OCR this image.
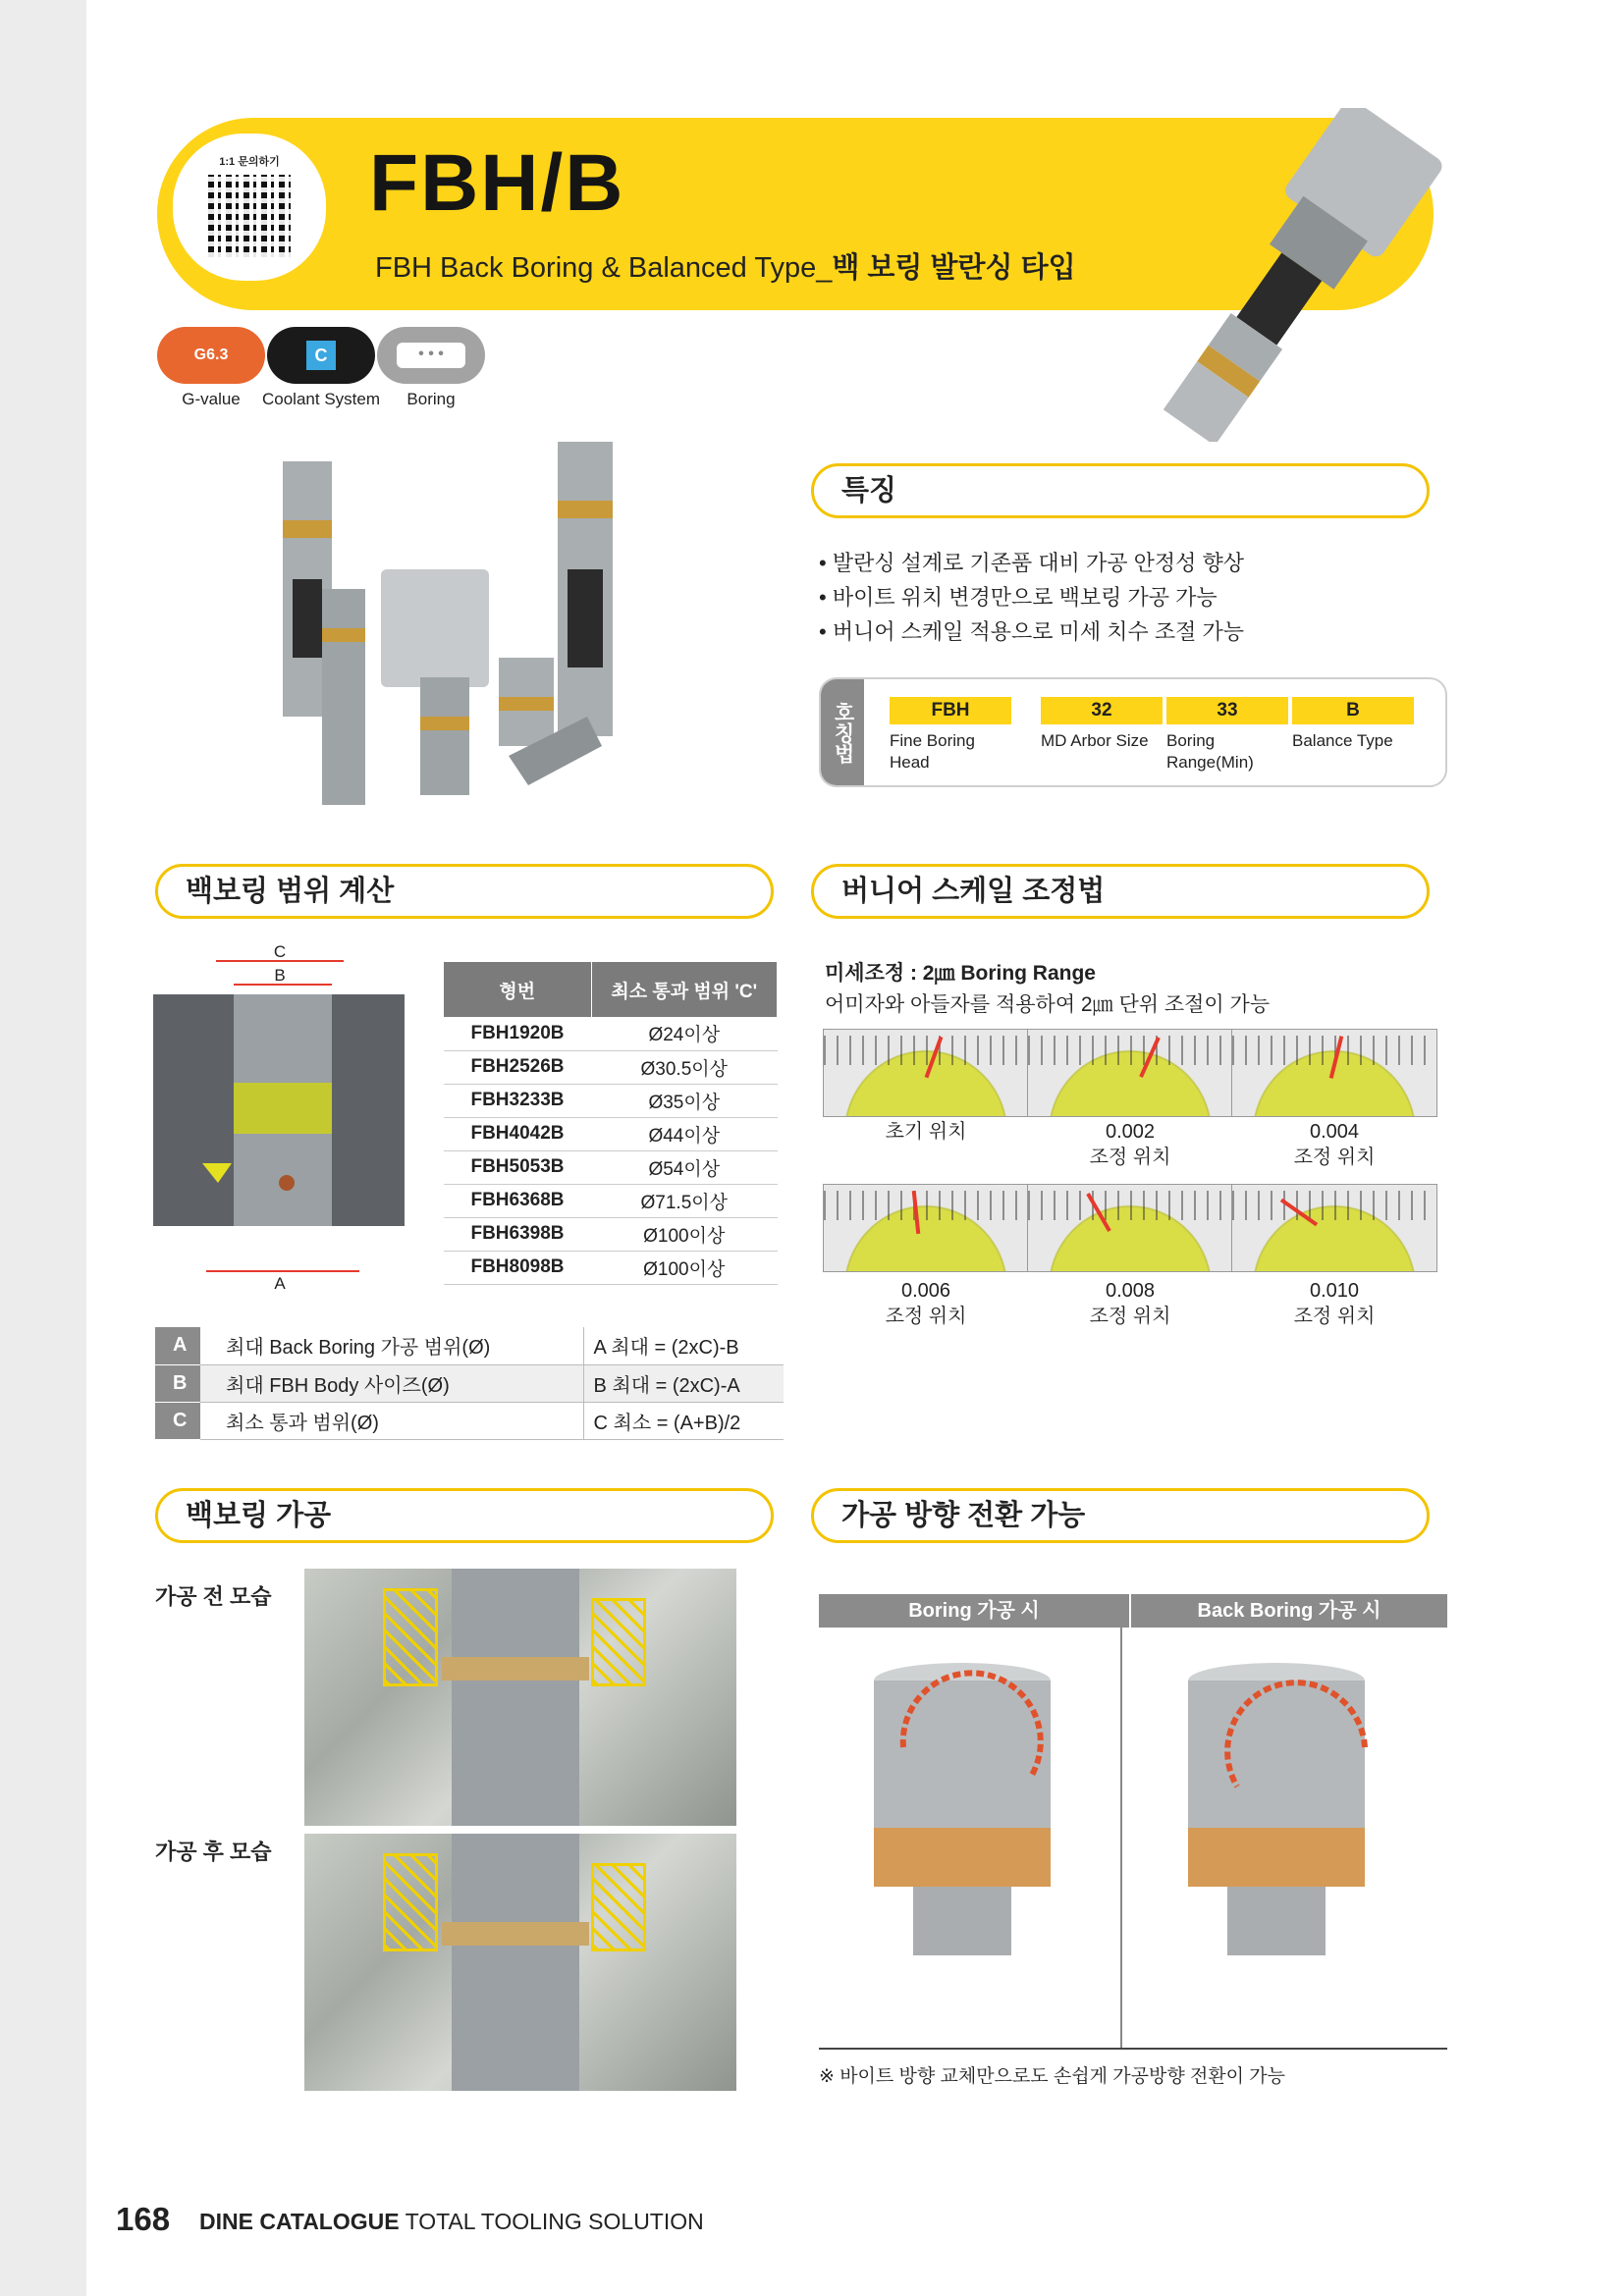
1:1 문의하기	FBH/B
FBH Back Boring & Balanced Type_백 보링 발란싱 타입
G6.3	C	• • •
G-value	Coolant System	Boring
특징
• 발란싱 설계로 기존품 대비 가공 안정성 향상
• 바이트 위치 변경만으로 백보링 가공 가능
• 버니어 스케일 적용으로 미세 치수 조절 가능
호칭법	FBH
Fine Boring Head
32
MD Arbor Size
33
Boring Range(Min)
B
Balance Type
백보링 범위 계산
C
B
A
형번	최소 통과 범위 'C'
FBH1920B	Ø24이상
FBH2526B	Ø30.5이상
FBH3233B	Ø35이상
FBH4042B	Ø44이상
FBH5053B	Ø54이상
FBH6368B	Ø71.5이상
FBH6398B	Ø100이상
FBH8098B	Ø100이상
A	최대 Back Boring 가공 범위(Ø)	A 최대 = (2xC)-B
B	최대 FBH Body 사이즈(Ø)	B 최대 = (2xC)-A
C	최소 통과 범위(Ø)	C 최소 = (A+B)/2
버니어 스케일 조정법
미세조정 : 2㎛ Boring Range
어미자와 아들자를 적용하여 2㎛ 단위 조절이 가능
초기 위치	0.002
조정 위치
0.004
조정 위치
0.006
조정 위치
0.008
조정 위치
0.010
조정 위치
백보링 가공
가공 전 모습
가공 후 모습
가공 방향 전환 가능
Boring 가공 시	Back Boring 가공 시
※ 바이트 방향 교체만으로도 손쉽게 가공방향 전환이 가능
168 DINE CATALOGUE TOTAL TOOLING SOLUTION
